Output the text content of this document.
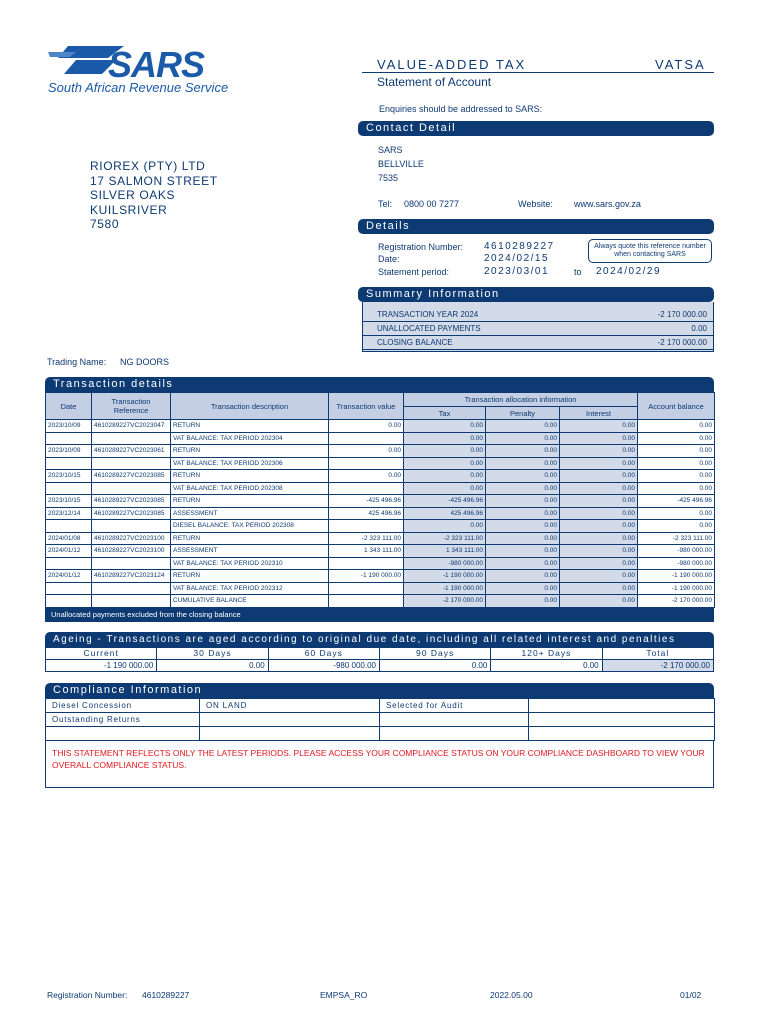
SARS
South African Revenue Service
VALUE-ADDED TAX	VATSA
Statement of Account
Enquiries should be addressed to SARS:
Contact Detail
SARS
BELLVILLE
7535
Tel: 0800 00 7277	Website: www.sars.gov.za
RIOREX (PTY) LTD
17 SALMON STREET
SILVER OAKS
KUILSRIVER
7580	Details
Registration Number: 4610289227
Date:	2024/02/15
Statement period:	2023/03/01	to 2024/02/29
Always quote this reference number
when contacting SARS
Summary Information
TRANSACTION YEAR 2024	-2 170 000.00
UNALLOCATED PAYMENTS	0.00
CLOSING BALANCE	-2 170 000.00
Trading Name: NG DOORS
Transaction details
Date	Transaction Reference	Transaction description	Transaction value	Transaction allocation information			Account balance
				Tax	Penalty	Interest	
2023/10/09	4610289227VC2023047	RETURN	0.00	0.00	0.00	0.00	0.00
		VAT BALANCE: TAX PERIOD 202304		0.00	0.00	0.00	0.00
2023/10/09	4610289227VC2023061	RETURN	0.00	0.00	0.00	0.00	0.00
		VAT BALANCE: TAX PERIOD 202306		0.00	0.00	0.00	0.00
2023/10/15	4610289227VC2023085	RETURN	0.00	0.00	0.00	0.00	0.00
		VAT BALANCE: TAX PERIOD 202308		0.00	0.00	0.00	0.00
2023/10/15	4610289227VC2023085	RETURN	-425 496.96	-425 496.96	0.00	0.00	-425 496.96
2023/12/14	4610289227VC2023085	ASSESSMENT	425 496.96	425 496.96	0.00	0.00	0.00
		DIESEL BALANCE: TAX PERIOD 202308		0.00	0.00	0.00	0.00
2024/01/08	4610289227VC2023100	RETURN	-2 323 111.00	-2 323 111.00	0.00	0.00	-2 323 111.00
2024/01/12	4610289227VC2023100	ASSESSMENT	1 343 111.00	1 343 111.00	0.00	0.00	-980 000.00
		VAT BALANCE: TAX PERIOD 202310		-980 000.00	0.00	0.00	-980 000.00
2024/01/12	4610289227VC2023124	RETURN	-1 190 000.00	-1 190 000.00	0.00	0.00	-1 190 000.00
		VAT BALANCE: TAX PERIOD 202312		-1 190 000.00	0.00	0.00	-1 190 000.00
		CUMULATIVE BALANCE		-2 170 000.00	0.00	0.00	-2 170 000.00
Unallocated payments excluded from the closing balance
Ageing - Transactions are aged according to original due date, including all related interest and penalties
Current	30 Days	60 Days	90 Days	120+ Days	Total
-1 190 000.00	0.00	-980 000.00	0.00	0.00	-2 170 000.00
Compliance Information
Diesel Concession	ON LAND	Selected for Audit	
Outstanding Returns			

THIS STATEMENT REFLECTS ONLY THE LATEST PERIODS. PLEASE ACCESS YOUR COMPLIANCE STATUS ON YOUR COMPLIANCE DASHBOARD TO VIEW YOUR OVERALL COMPLIANCE STATUS.
Registration Number: 4610289227	EMPSA_RO	2022.05.00	01/02
